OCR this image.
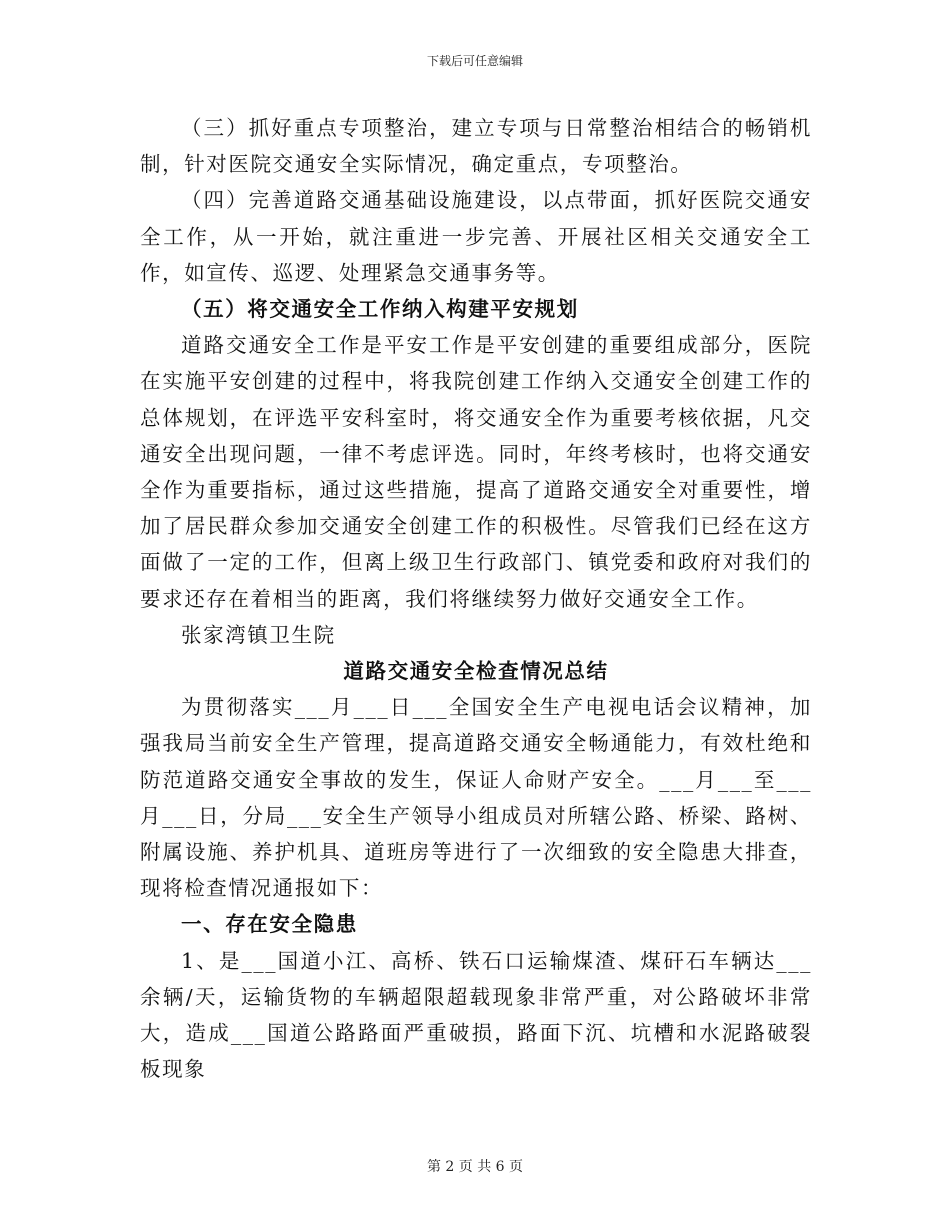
下载后可任意编辑

（三）抓好重点专项整治，建立专项与日常整治相结合的畅销机制，针对医院交通安全实际情况，确定重点，专项整治。

（四）完善道路交通基础设施建设，以点带面，抓好医院交通安全工作，从一开始，就注重进一步完善、开展社区相关交通安全工作，如宣传、巡逻、处理紧急交通事务等。

（五）将交通安全工作纳入构建平安规划

道路交通安全工作是平安工作是平安创建的重要组成部分，医院在实施平安创建的过程中，将我院创建工作纳入交通安全创建工作的总体规划，在评选平安科室时，将交通安全作为重要考核依据，凡交通安全出现问题，一律不考虑评选。同时，年终考核时，也将交通安全作为重要指标，通过这些措施，提高了道路交通安全对重要性，增加了居民群众参加交通安全创建工作的积极性。尽管我们已经在这方面做了一定的工作，但离上级卫生行政部门、镇党委和政府对我们的要求还存在着相当的距离，我们将继续努力做好交通安全工作。

张家湾镇卫生院

道路交通安全检查情况总结

为贯彻落实___月___日___全国安全生产电视电话会议精神，加强我局当前安全生产管理，提高道路交通安全畅通能力，有效杜绝和防范道路交通安全事故的发生，保证人命财产安全。___月___至___月___日，分局___安全生产领导小组成员对所辖公路、桥梁、路树、附属设施、养护机具、道班房等进行了一次细致的安全隐患大排查，现将检查情况通报如下：

一、存在安全隐患

1、是___国道小江、高桥、铁石口运输煤渣、煤矸石车辆达___余辆/天，运输货物的车辆超限超载现象非常严重，对公路破坏非常大，造成___国道公路路面严重破损，路面下沉、坑槽和水泥路破裂板现象

第 2 页 共 6 页
